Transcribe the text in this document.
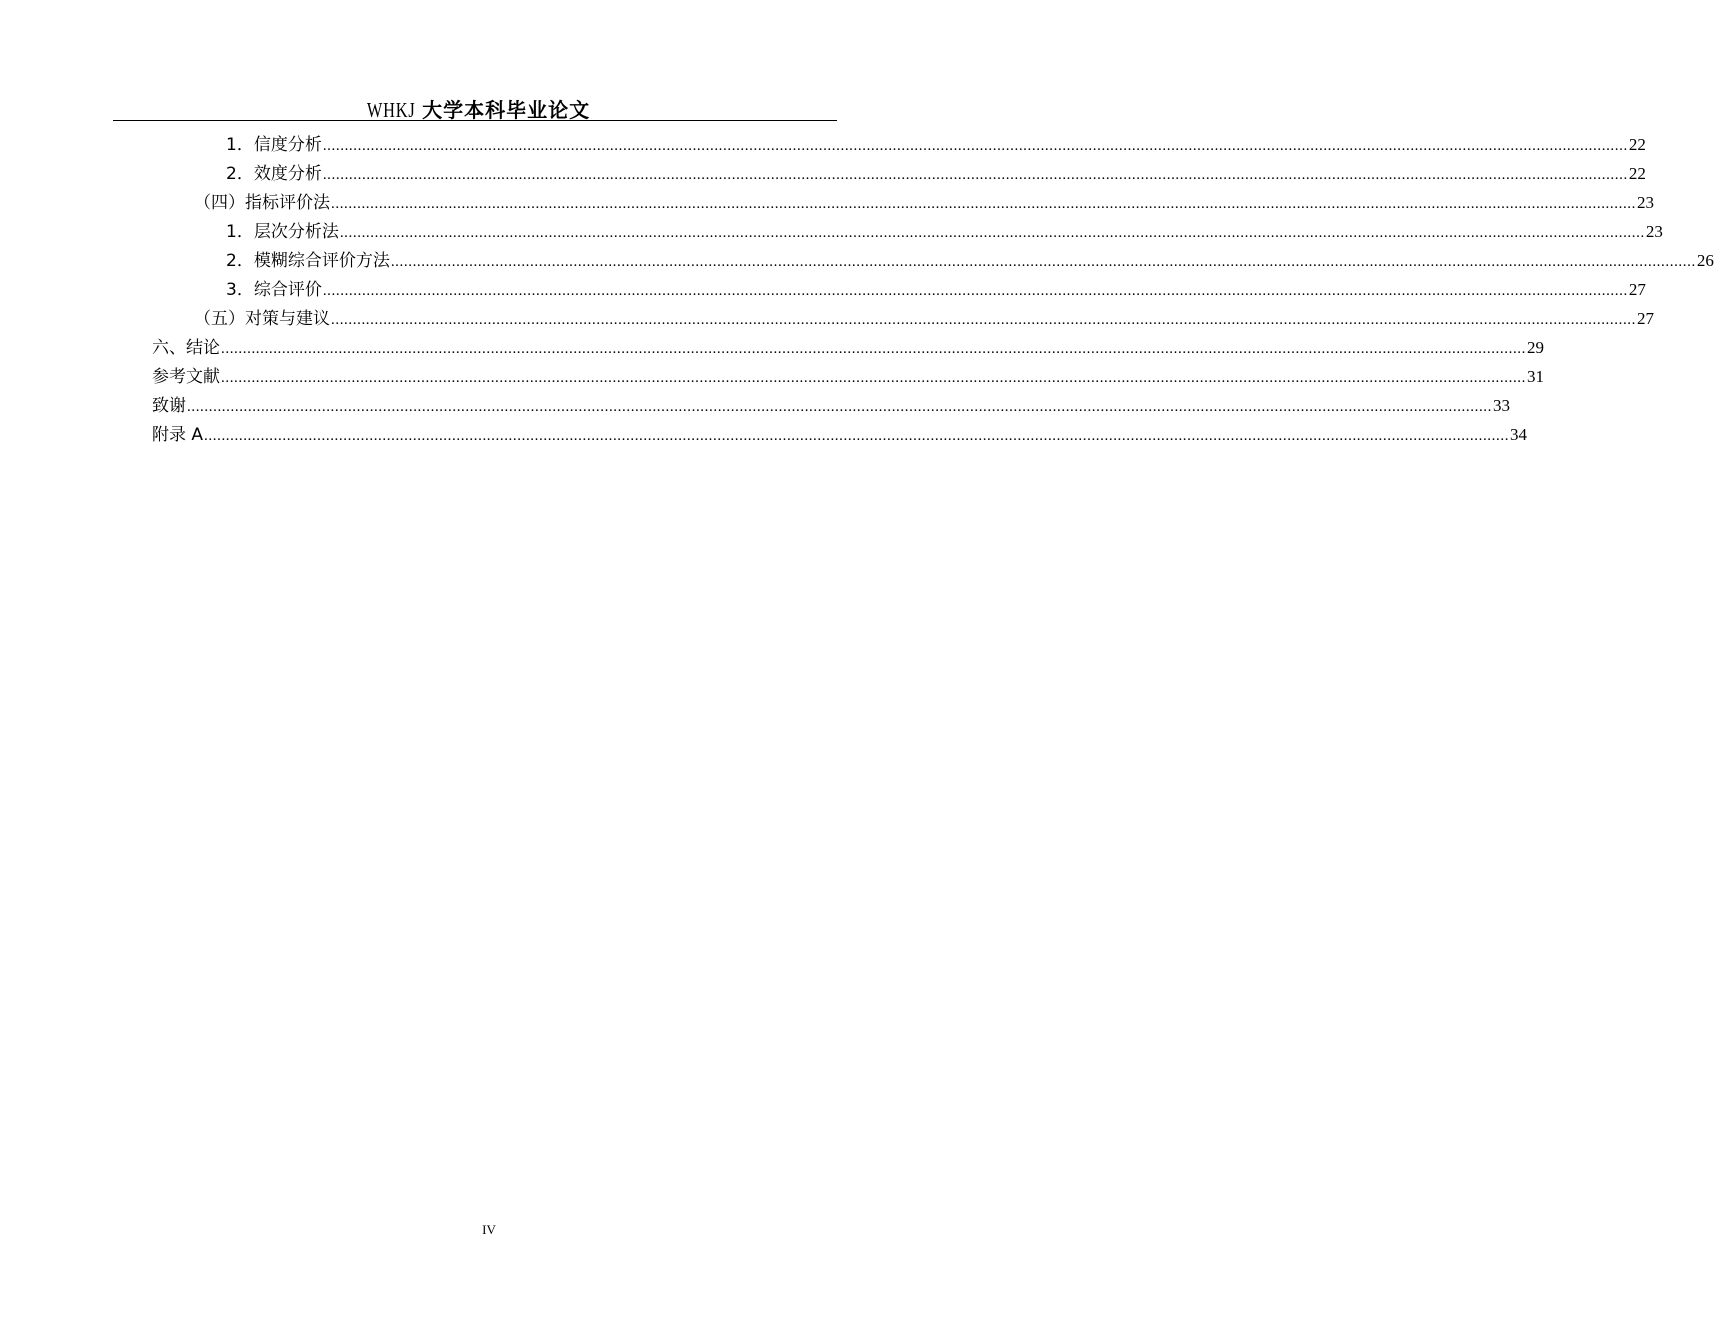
WHKJ 大学本科毕业论文
1．信度分析 ............................................................................................................................................................................................................................................................................................................ 22
2．效度分析 ............................................................................................................................................................................................................................................................................................................ 22
（四）指标评价法 ............................................................................................................................................................................................................................................................................................................ 23
1．层次分析法 ............................................................................................................................................................................................................................................................................................................ 23
2．模糊综合评价方法 ............................................................................................................................................................................................................................................................................................................ 26
3．综合评价 ............................................................................................................................................................................................................................................................................................................ 27
（五）对策与建议 ............................................................................................................................................................................................................................................................................................................ 27
六、结论 ............................................................................................................................................................................................................................................................................................................ 29
参考文献 ............................................................................................................................................................................................................................................................................................................ 31
致谢 ............................................................................................................................................................................................................................................................................................................ 33
附录 A ............................................................................................................................................................................................................................................................................................................ 34
IV
